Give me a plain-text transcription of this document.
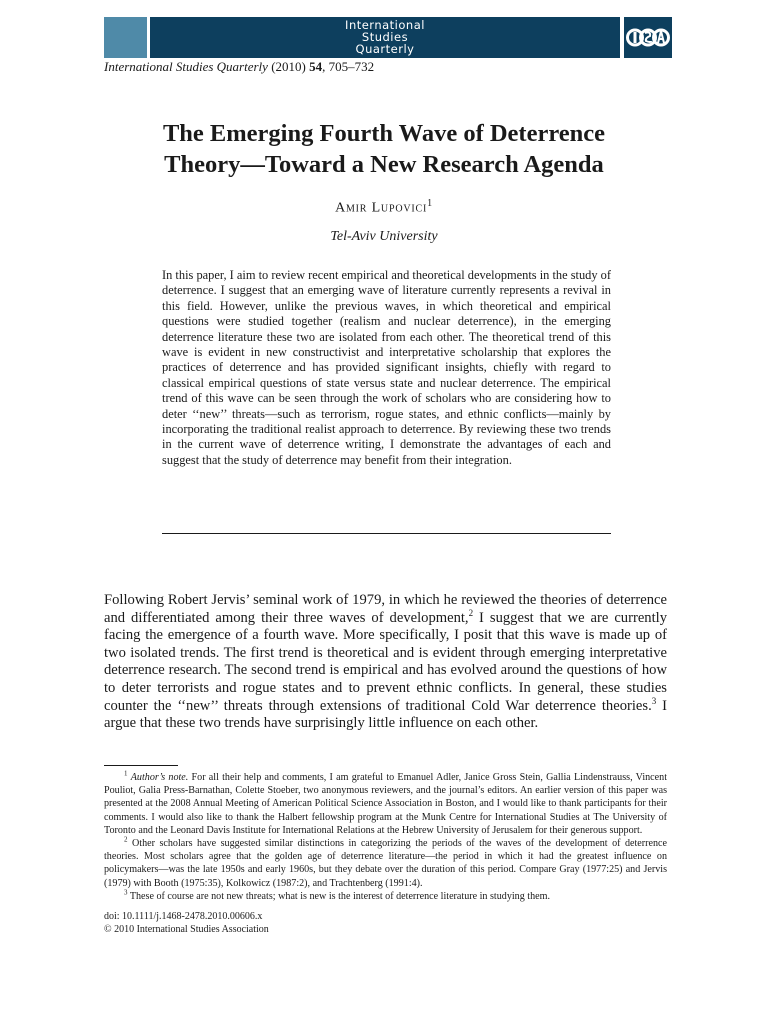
International
Studies
Quarterly
International Studies Quarterly (2010) 54, 705–732
The Emerging Fourth Wave of Deterrence
Theory—Toward a New Research Agenda
Amir Lupovici$^1$
Tel-Aviv University
In this paper, I aim to review recent empirical and theoretical developments in the study of deterrence. I suggest that an emerging wave of literature currently represents a revival in this field. However, unlike the previous waves, in which theoretical and empirical questions were studied together (realism and nuclear deterrence), in the emerging deterrence literature these two are isolated from each other. The theoretical trend of this wave is evident in new constructivist and interpretative scholarship that explores the practices of deterrence and has provided significant insights, chiefly with regard to classical empirical questions of state versus state and nuclear deterrence. The empirical trend of this wave can be seen through the work of scholars who are considering how to deter ‘‘new’’ threats—such as terrorism, rogue states, and ethnic conflicts—mainly by incorporating the traditional realist approach to deterrence. By reviewing these two trends in the current wave of deterrence writing, I demonstrate the advantages of each and suggest that the study of deterrence may benefit from their integration.
Following Robert Jervis’ seminal work of 1979, in which he reviewed the theories of deterrence and differentiated among their three waves of development,$^2$ I suggest that we are currently facing the emergence of a fourth wave. More specifically, I posit that this wave is made up of two isolated trends. The first trend is theoretical and is evident through emerging interpretative deterrence research. The second trend is empirical and has evolved around the questions of how to deter terrorists and rogue states and to prevent ethnic conflicts. In general, these studies counter the ‘‘new’’ threats through extensions of traditional Cold War deterrence theories.$^3$ I argue that these two trends have surprisingly little influence on each other.

$^1$ Author’s note. For all their help and comments, I am grateful to Emanuel Adler, Janice Gross Stein, Gallia Lindenstrauss, Vincent Pouliot, Galia Press-Barnathan, Colette Stoeber, two anonymous reviewers, and the journal’s editors. An earlier version of this paper was presented at the 2008 Annual Meeting of American Political Science Association in Boston, and I would like to thank participants for their comments. I would also like to thank the Halbert fellowship program at the Munk Centre for International Studies at The University of Toronto and the Leonard Davis Institute for International Relations at the Hebrew University of Jerusalem for their generous support.

$^2$ Other scholars have suggested similar distinctions in categorizing the periods of the waves of the development of deterrence theories. Most scholars agree that the golden age of deterrence literature—the period in which it had the greatest influence on policymakers—was the late 1950s and early 1960s, but they debate over the duration of this period. Compare Gray (1977:25) and Jervis (1979) with Booth (1975:35), Kolkowicz (1987:2), and Trachtenberg (1991:4).

$^3$ These of course are not new threats; what is new is the interest of deterrence literature in studying them.

doi: 10.1111/j.1468-2478.2010.00606.x
© 2010 International Studies Association
